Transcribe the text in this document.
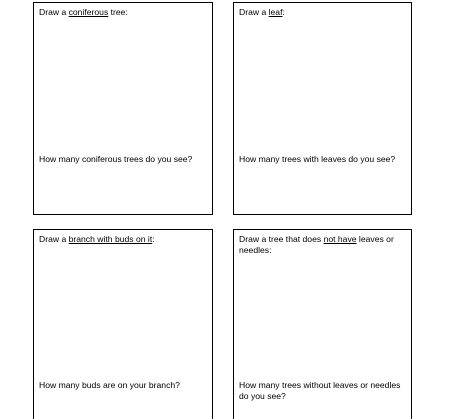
Draw a coniferous tree:

How many coniferous trees do you see?

Draw a leaf:

How many trees with leaves do you see?

Draw a branch with buds on it:

How many buds are on your branch?

Draw a tree that does not have leaves or needles:

How many trees without leaves or needles do you see?
